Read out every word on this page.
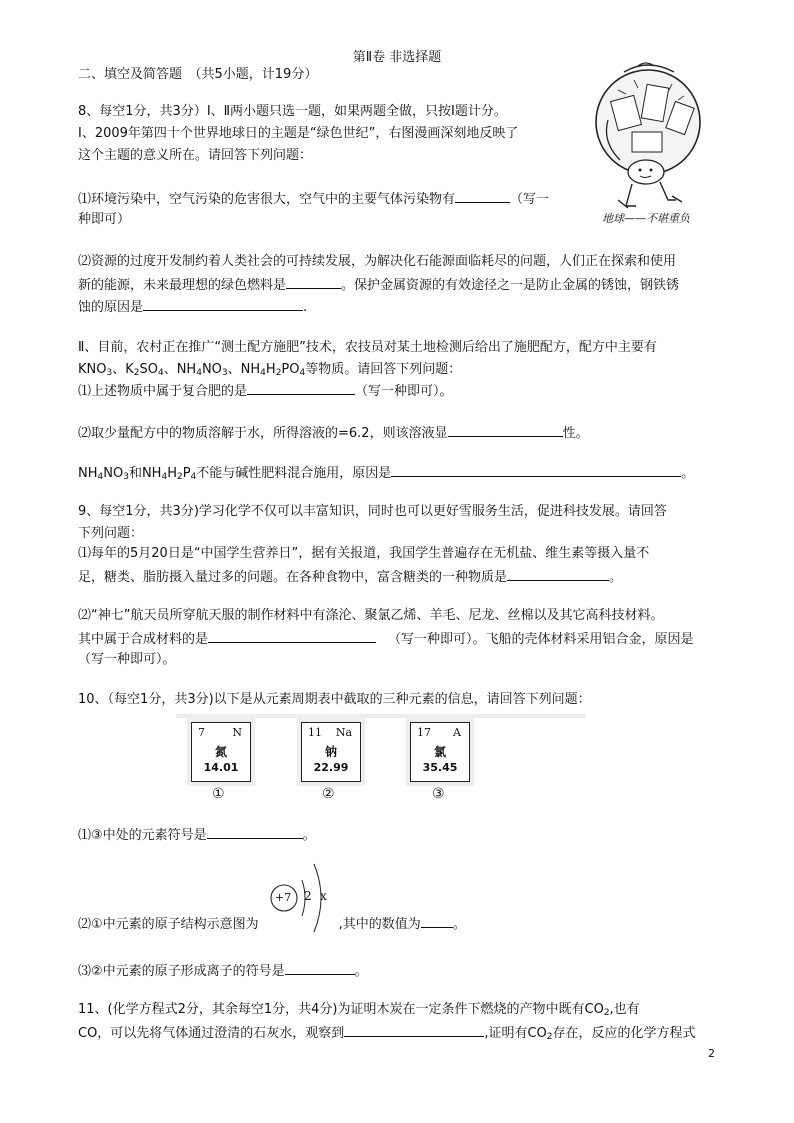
第Ⅱ卷 非选择题
二、填空及简答题　（共5小题，计19分）
地球——不堪重负
8、每空1分，共3分）Ⅰ、Ⅱ两小题只选一题，如果两题全做，只按Ⅰ题计分。
Ⅰ、2009年第四十个世界地球日的主题是“绿色世纪”，右图漫画深刻地反映了
这个主题的意义所在。请回答下列问题：
⑴环境污染中，空气污染的危害很大，空气中的主要气体污染物有	（写一
种即可）
⑵资源的过度开发制约着人类社会的可持续发展，为解决化石能源面临耗尽的问题，人们正在探索和使用
新的能源，未来最理想的绿色燃料是	。保护金属资源的有效途径之一是防止金属的锈蚀，钢铁锈
蚀的原因是	.
Ⅱ、目前，农村正在推广“测土配方施肥”技术，农技员对某土地检测后给出了施肥配方，配方中主要有
$KNO_3$、$K_2SO_4$、$NH_4NO_3$、$NH_4H_2PO_4$等物质。请回答下列问题：
⑴上述物质中属于复合肥的是	（写一种即可）。
⑵取少量配方中的物质溶解于水，所得溶液的=6.2，则该溶液显	性。
$NH_4NO_3$和$NH_4H_2P_4$不能与碱性肥料混合施用，原因是	。
9、每空1分，共3分)学习化学不仅可以丰富知识，同时也可以更好雪服务生活，促进科技发展。请回答
下列问题：
⑴每年的5月20日是“中国学生营养日”，据有关报道，我国学生普遍存在无机盐、维生素等摄入量不
足，糖类、脂肪摄入量过多的问题。在各种食物中，富含糖类的一种物质是	。
⑵“神七”航天员所穿航天服的制作材料中有涤沦、聚氯乙烯、羊毛、尼龙、丝棉以及其它高科技材料。
其中属于合成材料的是	（写一种即可）。飞船的壳体材料采用铝合金，原因是
（写一种即可）。
10、（每空1分，共3分)以下是从元素周期表中截取的三种元素的信息，请回答下列问题：
7 N
氮
14.01
①
11 Na
钠
22.99
②
17 A
氯
35.45
③
⑴③中处的元素符号是	。
+7 2 x
⑵①中元素的原子结构示意图为	,其中的数值为 。
⑶②中元素的原子形成离子的符号是	。
11、(化学方程式2分，其余每空1分，共4分)为证明木炭在一定条件下燃烧的产物中既有$CO_2$,也有
CO，可以先将气体通过澄清的石灰水，观察到	,证明有$CO_2$存在，反应的化学方程式
2
